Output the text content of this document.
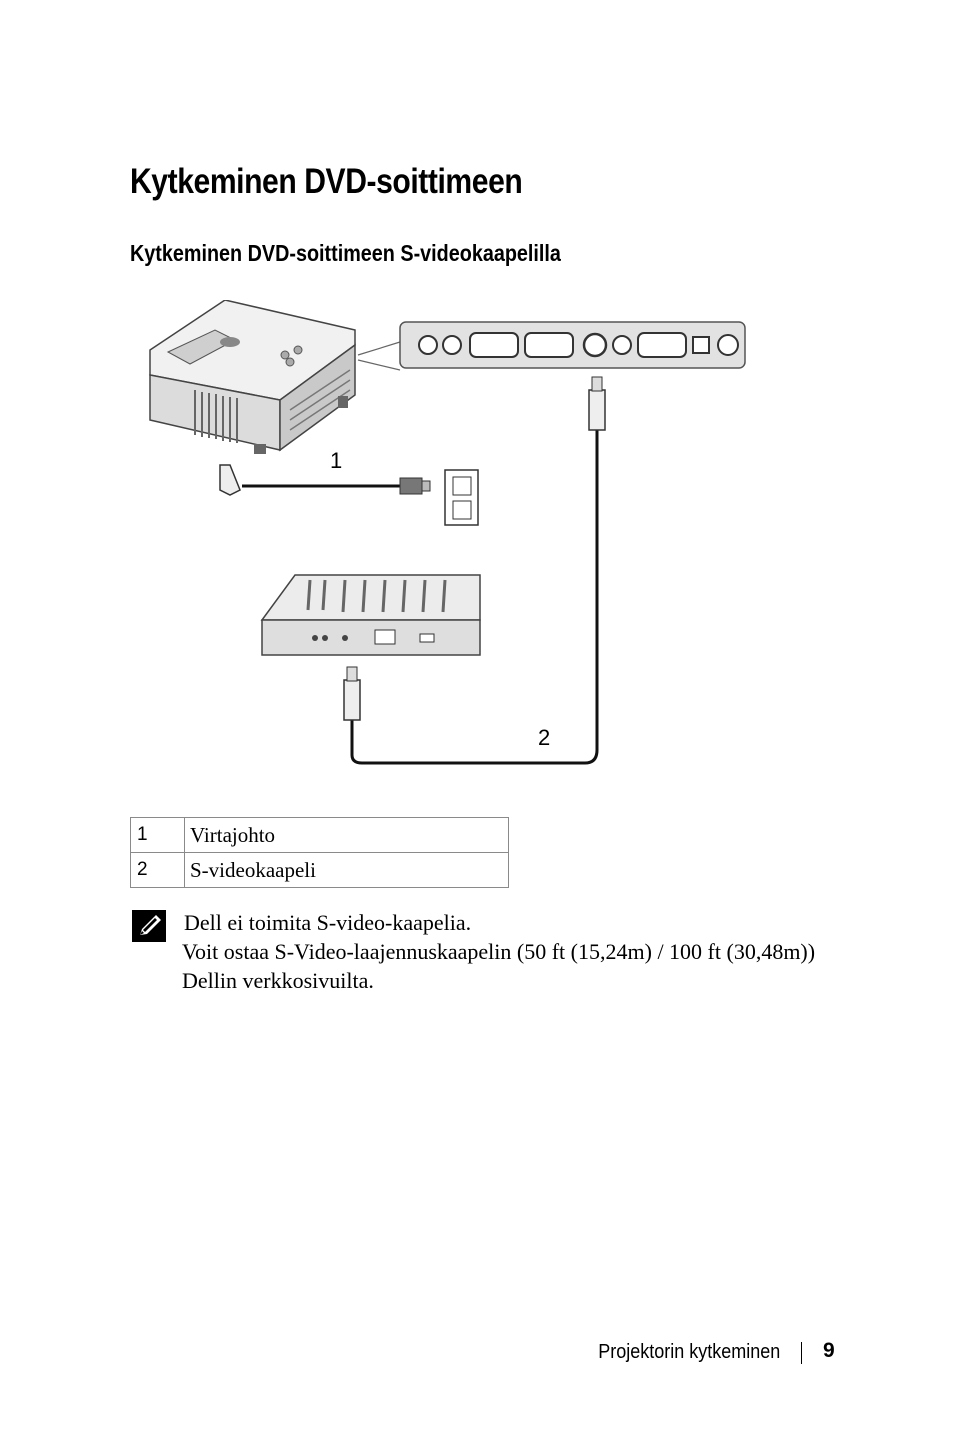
Kytkeminen DVD-soittimeen
Kytkeminen DVD-soittimeen S-videokaapelilla
1
2
1	Virtajohto
2	S-videokaapeli

Dell ei toimita S-video-kaapelia.

Voit ostaa S-Video-laajennuskaapelin (50 ft (15,24m) / 100 ft (30,48m))

Dellin verkkosivuilta.

Projektorin kytkeminen 9
